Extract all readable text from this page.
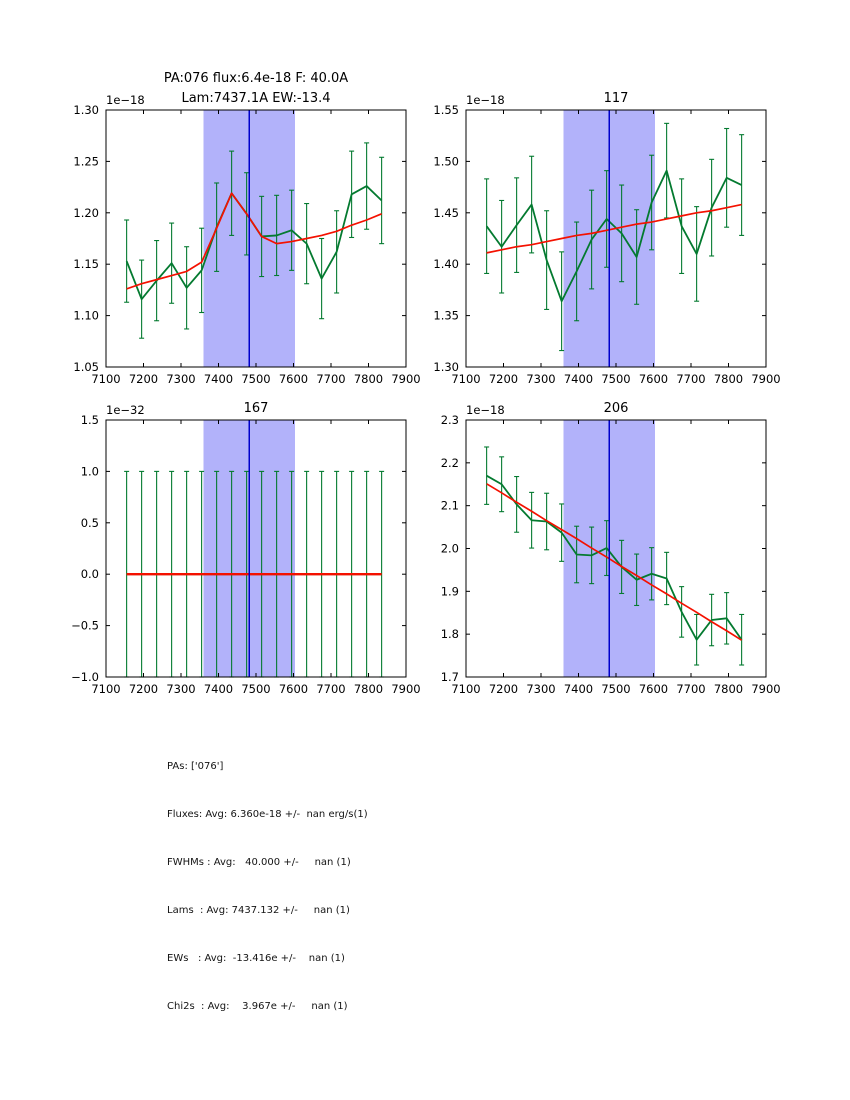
7100 7200 7300 7400 7500 7600 7700 7800 7900
1.05
1.10
1.15
1.20
1.25
1.30
PA:076 flux:6.4e-18 F: 40.0A
Lam:7437.1A EW:-13.4
1e−18
7100 7200 7300 7400 7500 7600 7700 7800 7900
1.30
1.35
1.40
1.45
1.50
1.55
117
1e−18
7100 7200 7300 7400 7500 7600 7700 7800 7900
−1.0
−0.5
0.0
0.5
1.0
1.5
167
1e−32
7100 7200 7300 7400 7500 7600 7700 7800 7900
1.7
1.8
1.9
2.0
2.1
2.2
2.3
206
1e−18

PAs: ['076']

Fluxes: Avg: 6.360e-18 +/-  nan erg/s(1)

FWHMs : Avg:   40.000 +/-     nan (1)

Lams  : Avg: 7437.132 +/-     nan (1)

EWs   : Avg:  -13.416e +/-    nan (1)

Chi2s  : Avg:    3.967e +/-     nan (1)
